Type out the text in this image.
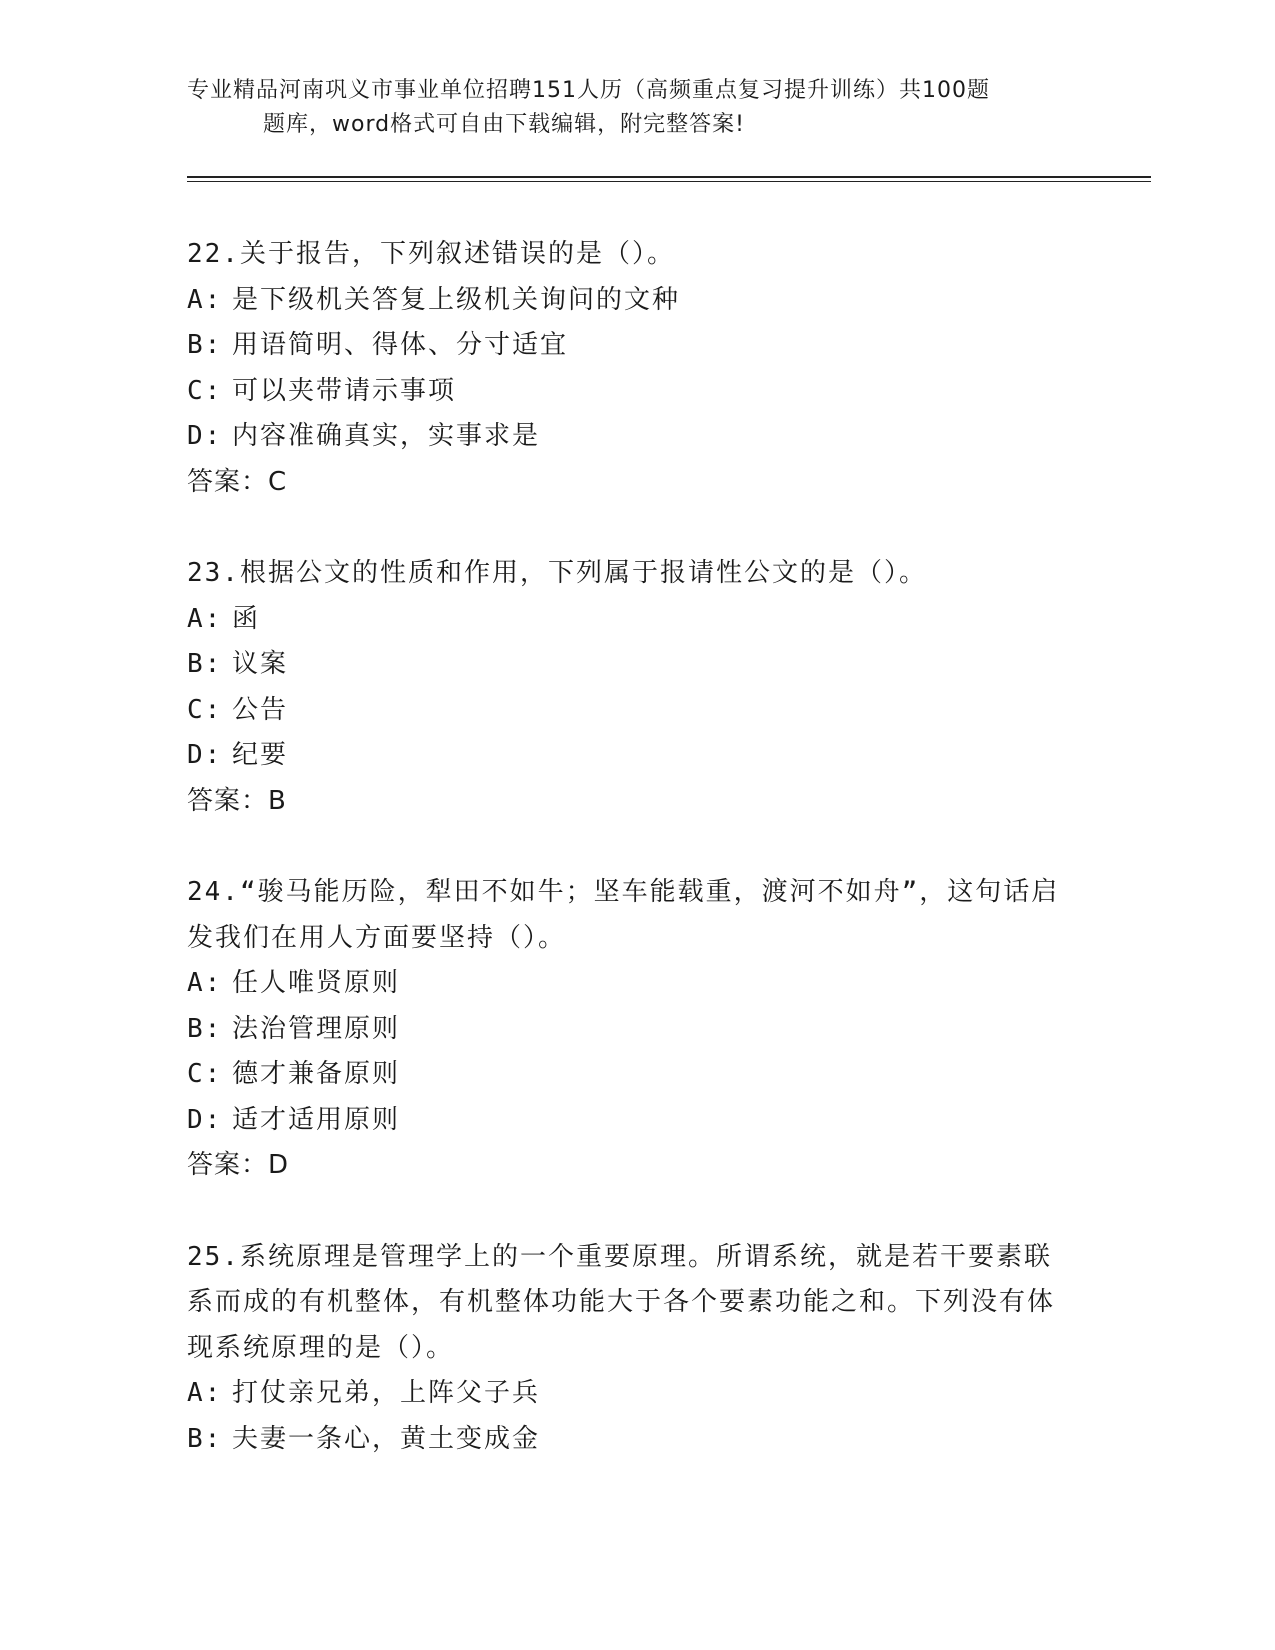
专业精品河南巩义市事业单位招聘151人历（高频重点复习提升训练）共100题
题库，word格式可自由下载编辑，附完整答案!
22.关于报告，下列叙述错误的是（）。
A: 是下级机关答复上级机关询问的文种
B: 用语简明、得体、分寸适宜
C: 可以夹带请示事项
D: 内容准确真实，实事求是
答案：C
23.根据公文的性质和作用，下列属于报请性公文的是（）。
A: 函
B: 议案
C: 公告
D: 纪要
答案：B
24.“骏马能历险，犁田不如牛；坚车能载重，渡河不如舟”，这句话启发我们在用人方面要坚持（）。
A: 任人唯贤原则
B: 法治管理原则
C: 德才兼备原则
D: 适才适用原则
答案：D
25.系统原理是管理学上的一个重要原理。所谓系统，就是若干要素联系而成的有机整体，有机整体功能大于各个要素功能之和。下列没有体现系统原理的是（）。
A: 打仗亲兄弟，上阵父子兵
B: 夫妻一条心，黄土变成金
